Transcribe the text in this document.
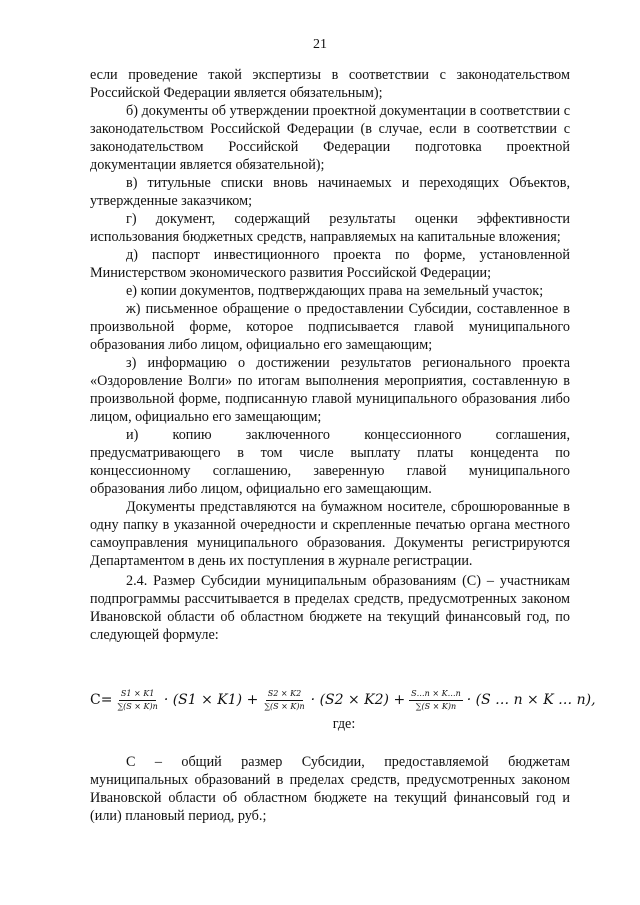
21

если проведение такой экспертизы в соответствии с законодательством Российской Федерации является обязательным);

б) документы об утверждении проектной документации в соответствии с законодательством Российской Федерации (в случае, если в соответствии с законодательством Российской Федерации подготовка проектной документации является обязательной);

в) титульные списки вновь начинаемых и переходящих Объектов, утвержденные заказчиком;

г) документ, содержащий результаты оценки эффективности использования бюджетных средств, направляемых на капитальные вложения;

д) паспорт инвестиционного проекта по форме, установленной Министерством экономического развития Российской Федерации;

е) копии документов, подтверждающих права на земельный участок;

ж) письменное обращение о предоставлении Субсидии, составленное в произвольной форме, которое подписывается главой муниципального образования либо лицом, официально его замещающим;

з) информацию о достижении результатов регионального проекта «Оздоровление Волги» по итогам выполнения мероприятия, составленную в произвольной форме, подписанную главой муниципального образования либо лицом, официально его замещающим;

и) копию заключенного концессионного соглашения, предусматривающего в том числе выплату платы концедента по концессионному соглашению, заверенную главой муниципального образования либо лицом, официально его замещающим.

Документы представляются на бумажном носителе, сброшюрованные в одну папку в указанной очередности и скрепленные печатью органа местного самоуправления муниципального образования. Документы регистрируются Департаментом в день их поступления в журнале регистрации.

2.4. Размер Субсидии муниципальным образованиям (С) – участникам подпрограммы рассчитывается в пределах средств, предусмотренных законом Ивановской области об областном бюджете на текущий финансовый год, по следующей формуле:

$С= \frac{S1 \times K1}{\sum(S \times K)n} \cdot (S1 \times K1) + \frac{S2 \times K2}{\sum(S \times K)n} \cdot (S2 \times K2) + \frac{S\dots n \times K\dots n}{\sum(S \times K)n} \cdot (S$ … n × K … n),
где:

С – общий размер Субсидии, предоставляемой бюджетам муниципальных образований в пределах средств, предусмотренных законом Ивановской области об областном бюджете на текущий финансовый год и (или) плановый период, руб.;
